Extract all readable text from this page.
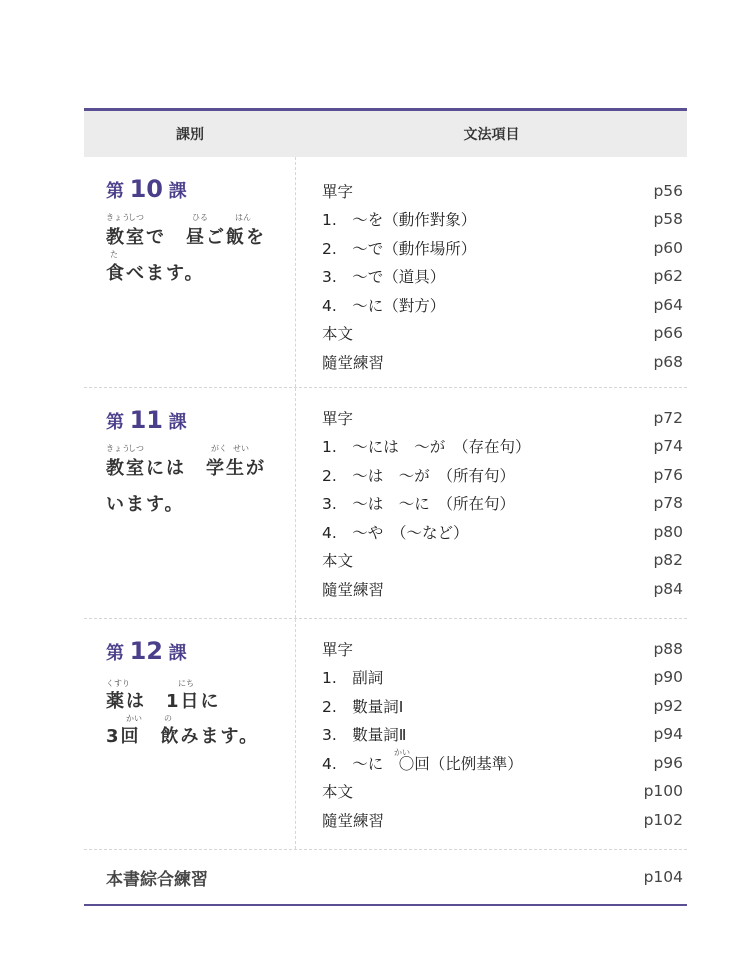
課別	文法項目
第 10 課
きょう
しつ	ひる	はん
教室で　昼ご飯を
た
食べます。
單字	p56
1.　～を（動作對象）	p58
2.　～で（動作場所）	p60
3.　～で（道具）	p62
4.　～に（對方）	p64
本文	p66
隨堂練習	p68
第 11 課
きょう
しつ	がく せい
教室には　学生が
います。
單字	p72
1.　～には　～が　（存在句）	p74
2.　～は　～が　（所有句）	p76
3.　～は　～に　（所在句）	p78
4.　～や　（～など）	p80
本文	p82
隨堂練習	p84
第 12 課
くすり	にち
薬は　1日に
かい	の
3回　飲みます。
單字	p88
1.　副詞	p90
2.　數量詞Ⅰ	p92
3.　數量詞Ⅱ	p94
かい
4.　～に　〇回（比例基準）	p96
本文	p100
隨堂練習	p102
本書綜合練習	p104
